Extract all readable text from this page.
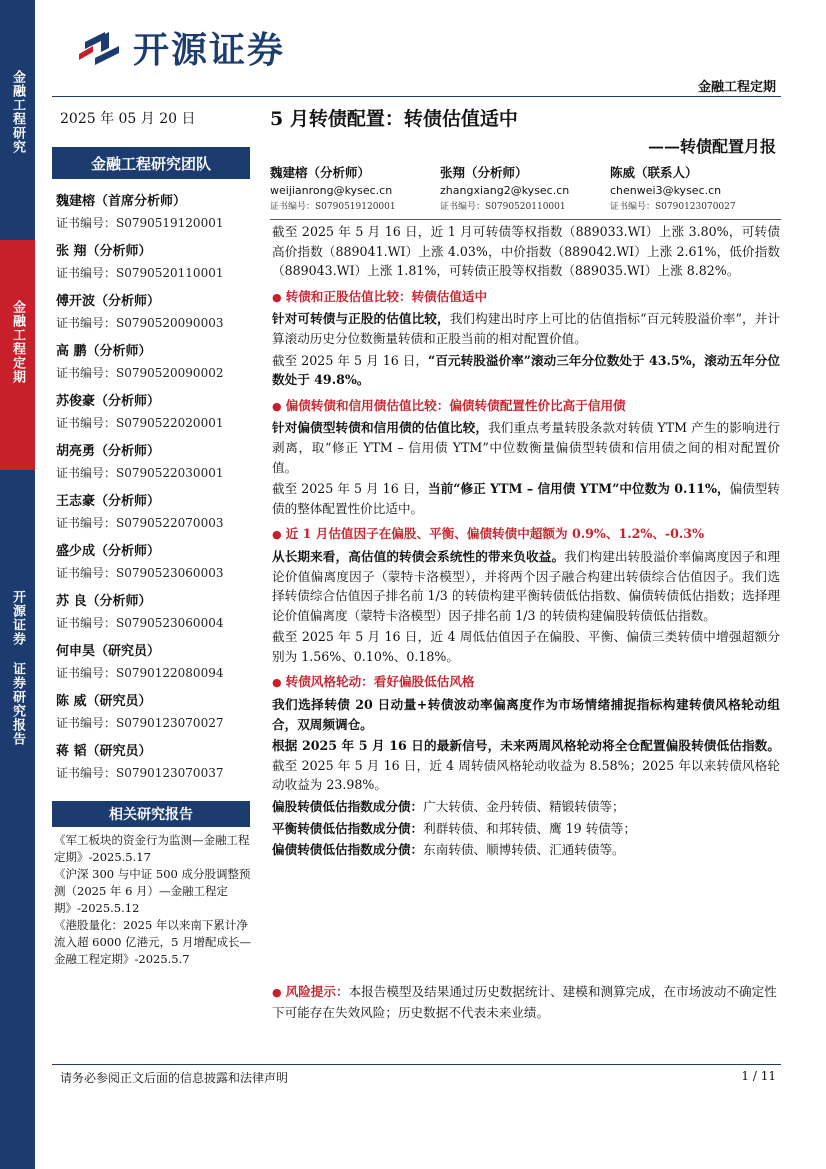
金融工程研究
金融工程定期
开源证券 证券研究报告
开源证券
金融工程定期
2025 年 05 月 20 日
金融工程研究团队
魏建榕（首席分析师）
证书编号：S0790519120001
张 翔（分析师）
证书编号：S0790520110001
傅开波（分析师）
证书编号：S0790520090003
高 鹏（分析师）
证书编号：S0790520090002
苏俊豪（分析师）
证书编号：S0790522020001
胡亮勇（分析师）
证书编号：S0790522030001
王志豪（分析师）
证书编号：S0790522070003
盛少成（分析师）
证书编号：S0790523060003
苏 良（分析师）
证书编号：S0790523060004
何申昊（研究员）
证书编号：S0790122080094
陈 威（研究员）
证书编号：S0790123070027
蒋 韬（研究员）
证书编号：S0790123070037
相关研究报告
《军工板块的资金行为监测—金融工程定期》-2025.5.17
《沪深 300 与中证 500 成分股调整预测（2025 年 6 月）—金融工程定期》-2025.5.12
《港股量化：2025 年以来南下累计净流入超 6000 亿港元，5 月增配成长—金融工程定期》-2025.5.7
5 月转债配置：转债估值适中
——转债配置月报
魏建榕（分析师）
weijianrong@kysec.cn
证书编号：S0790519120001
张翔（分析师）
zhangxiang2@kysec.cn
证书编号：S0790520110001
陈威（联系人）
chenwei3@kysec.cn
证书编号：S0790123070027

截至 2025 年 5 月 16 日，近 1 月可转债等权指数（889033.WI）上涨 3.80%，可转债高价指数（889041.WI）上涨 4.03%，中价指数（889042.WI）上涨 2.61%，低价指数（889043.WI）上涨 1.81%，可转债正股等权指数（889035.WI）上涨 8.82%。

● 转债和正股估值比较：转债估值适中

针对可转债与正股的估值比较，我们构建出时序上可比的估值指标“百元转股溢价率”，并计算滚动历史分位数衡量转债和正股当前的相对配置价值。

截至 2025 年 5 月 16 日，“百元转股溢价率”滚动三年分位数处于 43.5%，滚动五年分位数处于 49.8%。

● 偏债转债和信用债估值比较：偏债转债配置性价比高于信用债

针对偏债型转债和信用债的估值比较，我们重点考量转股条款对转债 YTM 产生的影响进行剥离，取“修正 YTM – 信用债 YTM”中位数衡量偏债型转债和信用债之间的相对配置价值。

截至 2025 年 5 月 16 日，当前“修正 YTM – 信用债 YTM”中位数为 0.11%，偏债型转债的整体配置性价比适中。

● 近 1 月估值因子在偏股、平衡、偏债转债中超额为 0.9%、1.2%、-0.3%

从长期来看，高估值的转债会系统性的带来负收益。我们构建出转股溢价率偏离度因子和理论价值偏离度因子（蒙特卡洛模型），并将两个因子融合构建出转债综合估值因子。我们选择转债综合估值因子排名前 1/3 的转债构建平衡转债低估指数、偏债转债低估指数；选择理论价值偏离度（蒙特卡洛模型）因子排名前 1/3 的转债构建偏股转债低估指数。

截至 2025 年 5 月 16 日，近 4 周低估值因子在偏股、平衡、偏债三类转债中增强超额分别为 1.56%、0.10%、0.18%。

● 转债风格轮动：看好偏股低估风格

我们选择转债 20 日动量+转债波动率偏离度作为市场情绪捕捉指标构建转债风格轮动组合，双周频调仓。

根据 2025 年 5 月 16 日的最新信号，未来两周风格轮动将全仓配置偏股转债低估指数。截至 2025 年 5 月 16 日，近 4 周转债风格轮动收益为 8.58%；2025 年以来转债风格轮动收益为 23.98%。

偏股转债低估指数成分债：广大转债、金丹转债、精锻转债等；

平衡转债低估指数成分债：利群转债、和邦转债、鹰 19 转债等；

偏债转债低估指数成分债：东南转债、顺博转债、汇通转债等。

● 风险提示：本报告模型及结果通过历史数据统计、建模和测算完成，在市场波动不确定性下可能存在失效风险；历史数据不代表未来业绩。
请务必参阅正文后面的信息披露和法律声明	1 / 11
